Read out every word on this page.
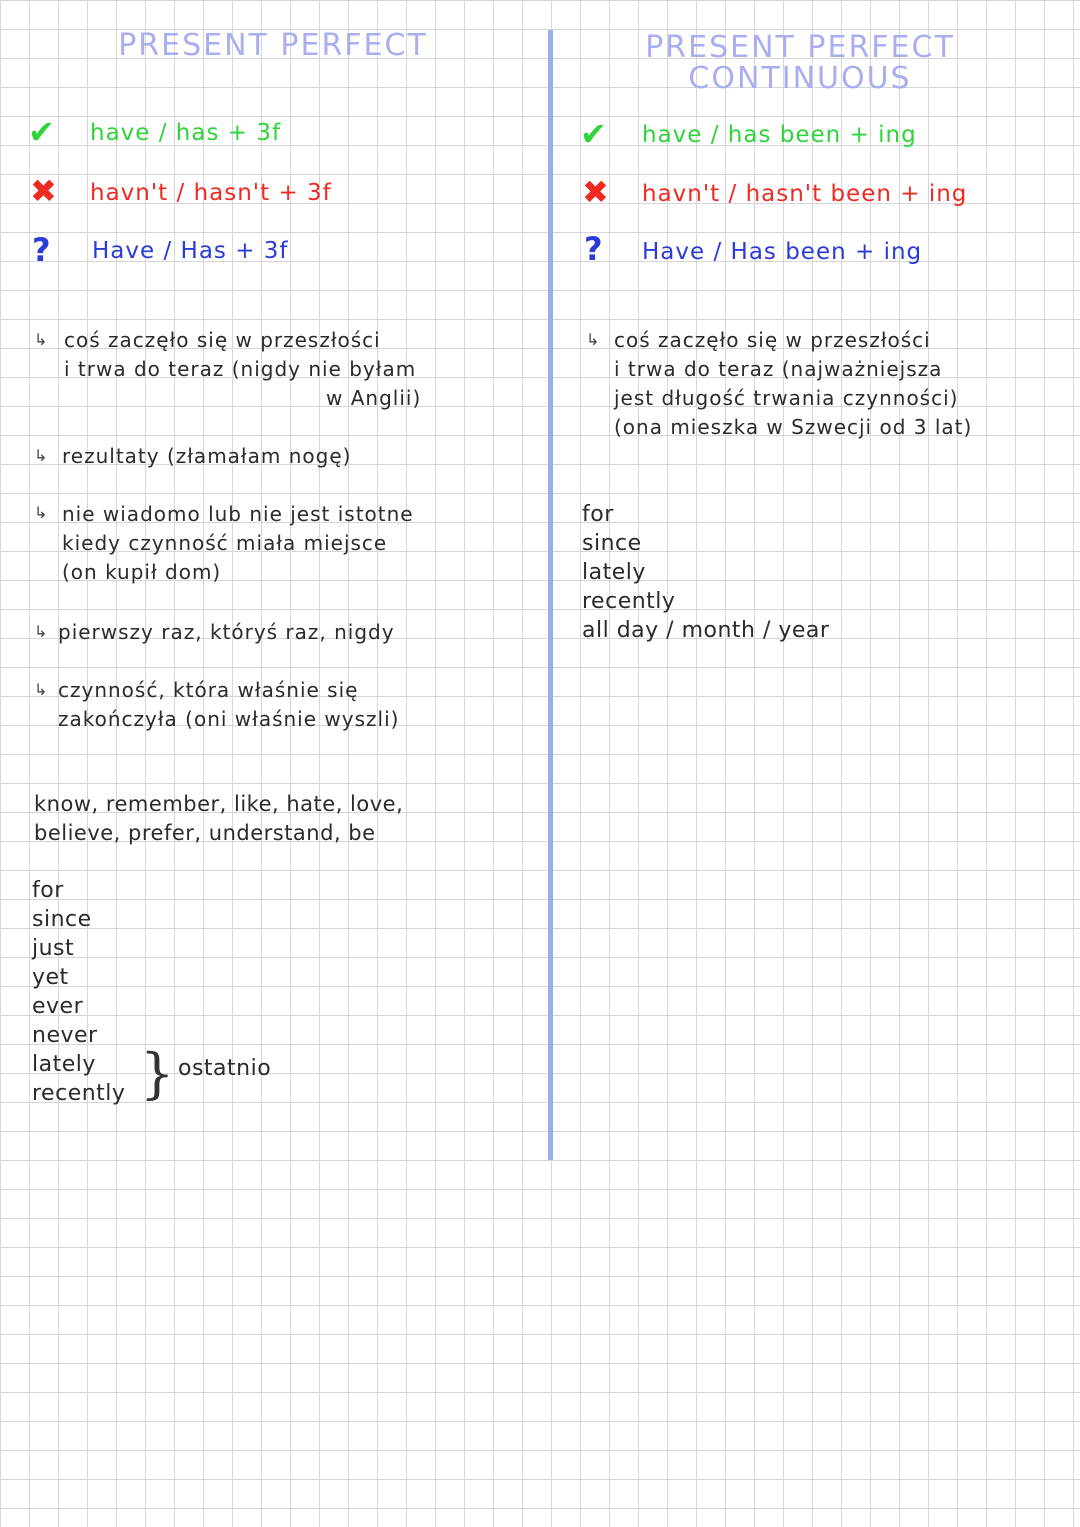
PRESENT PERFECT
✔ have / has + 3f
✖ havn't / hasn't + 3f
? Have / Has + 3f
↳ coś zaczęło się w przeszłości
i trwa do teraz (nigdy nie byłam
w Anglii)
↳ rezultaty (złamałam nogę)
↳ nie wiadomo lub nie jest istotne
kiedy czynność miała miejsce
(on kupił dom)
↳ pierwszy raz, któryś raz, nigdy
↳ czynność, która właśnie się
zakończyła (oni właśnie wyszli)
know, remember, like, hate, love,
believe, prefer, understand, be
for
since
just
yet
ever
never
lately
recently } ostatnio
PRESENT PERFECT
CONTINUOUS
✔ have / has been + ing
✖ havn't / hasn't been + ing
? Have / Has been + ing
↳ coś zaczęło się w przeszłości
i trwa do teraz (najważniejsza
jest długość trwania czynności)
(ona mieszka w Szwecji od 3 lat)
for
since
lately
recently
all day / month / year
